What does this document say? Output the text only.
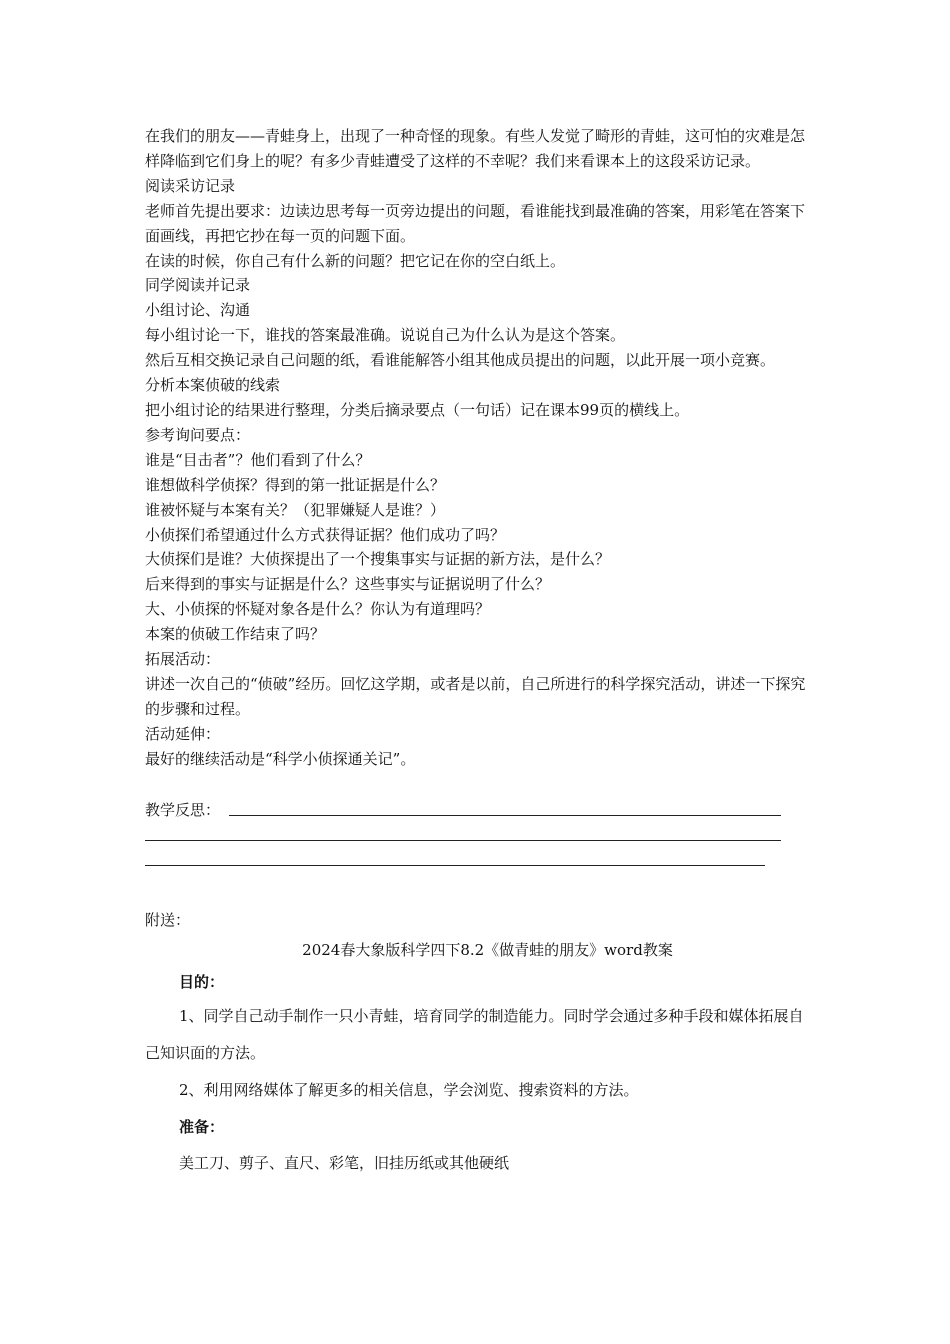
在我们的朋友——青蛙身上，出现了一种奇怪的现象。有些人发觉了畸形的青蛙，这可怕的灾难是怎样降临到它们身上的呢？有多少青蛙遭受了这样的不幸呢？我们来看课本上的这段采访记录。

阅读采访记录

老师首先提出要求：边读边思考每一页旁边提出的问题，看谁能找到最准确的答案，用彩笔在答案下面画线，再把它抄在每一页的问题下面。

在读的时候，你自己有什么新的问题？把它记在你的空白纸上。

同学阅读并记录

小组讨论、沟通

每小组讨论一下，谁找的答案最准确。说说自己为什么认为是这个答案。

然后互相交换记录自己问题的纸，看谁能解答小组其他成员提出的问题，以此开展一项小竞赛。

分析本案侦破的线索

把小组讨论的结果进行整理，分类后摘录要点（一句话）记在课本99页的横线上。

参考询问要点：

谁是“目击者”？他们看到了什么？

谁想做科学侦探？得到的第一批证据是什么？

谁被怀疑与本案有关？（犯罪嫌疑人是谁？）

小侦探们希望通过什么方式获得证据？他们成功了吗？

大侦探们是谁？大侦探提出了一个搜集事实与证据的新方法，是什么？

后来得到的事实与证据是什么？这些事实与证据说明了什么？

大、小侦探的怀疑对象各是什么？你认为有道理吗？

本案的侦破工作结束了吗？

拓展活动：

讲述一次自己的“侦破”经历。回忆这学期，或者是以前，自己所进行的科学探究活动，讲述一下探究的步骤和过程。

活动延伸：

最好的继续活动是“科学小侦探通关记”。

教学反思：
附送：
2024春大象版科学四下8.2《做青蛙的朋友》word教案
目的：

1、同学自己动手制作一只小青蛙，培育同学的制造能力。同时学会通过多种手段和媒体拓展自己知识面的方法。

2、利用网络媒体了解更多的相关信息，学会浏览、搜索资料的方法。

准备：
美工刀、剪子、直尺、彩笔，旧挂历纸或其他硬纸
